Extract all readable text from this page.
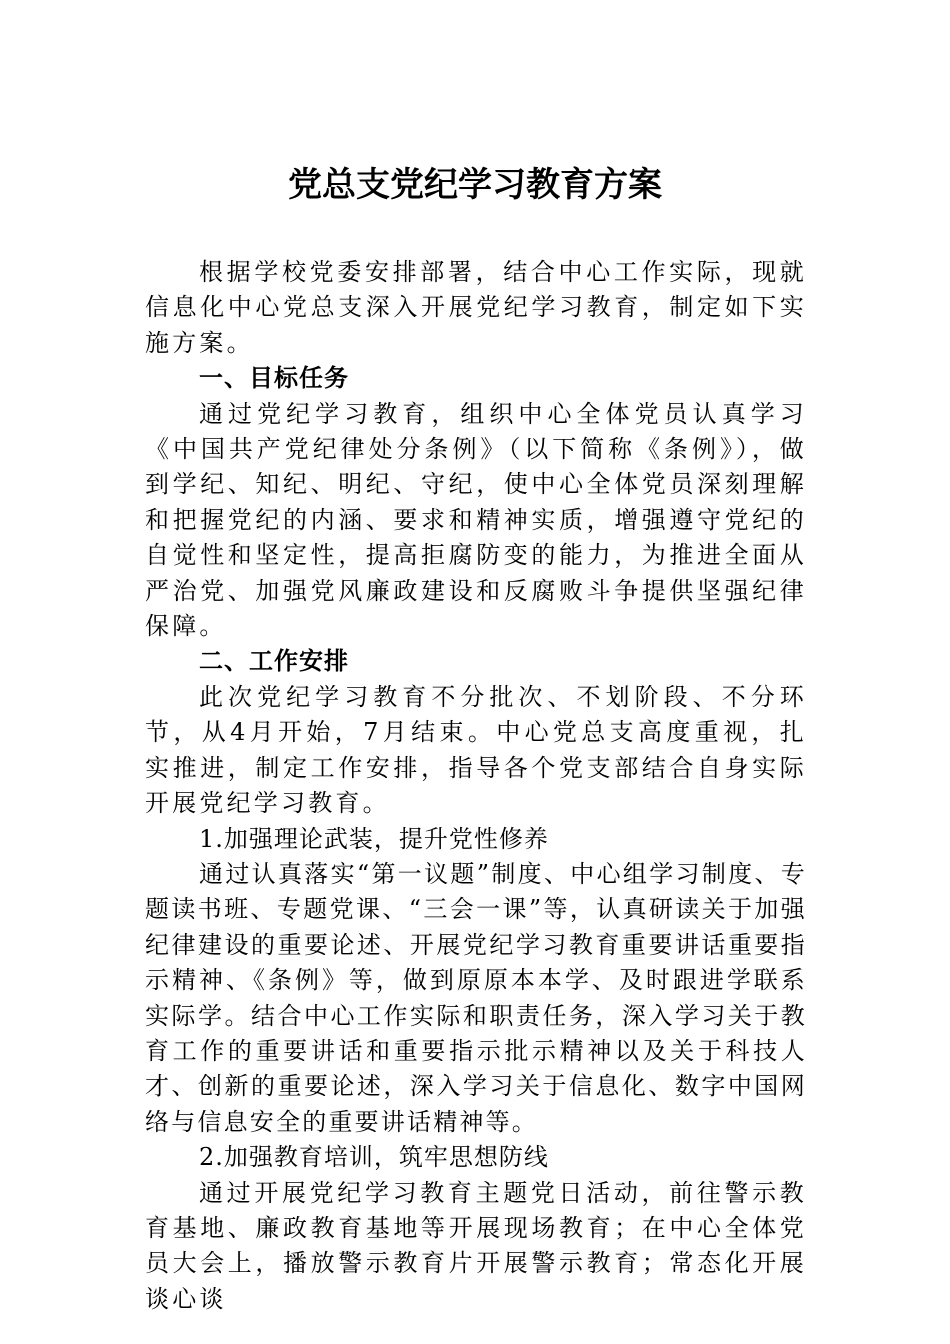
党总支党纪学习教育方案

根据学校党委安排部署，结合中心工作实际，现就信息化中心党总支深入开展党纪学习教育，制定如下实施方案。

一、目标任务

通过党纪学习教育，组织中心全体党员认真学习《中国共产党纪律处分条例》（以下简称《条例》），做到学纪、知纪、明纪、守纪，使中心全体党员深刻理解和把握党纪的内涵、要求和精神实质，增强遵守党纪的自觉性和坚定性，提高拒腐防变的能力，为推进全面从严治党、加强党风廉政建设和反腐败斗争提供坚强纪律保障。

二、工作安排

此次党纪学习教育不分批次、不划阶段、不分环节，从4月开始，7月结束。中心党总支高度重视，扎实推进，制定工作安排，指导各个党支部结合自身实际开展党纪学习教育。

1.加强理论武装，提升党性修养

通过认真落实“第一议题”制度、中心组学习制度、专题读书班、专题党课、“三会一课”等，认真研读关于加强纪律建设的重要论述、开展党纪学习教育重要讲话重要指示精神、《条例》等，做到原原本本学、及时跟进学联系实际学。结合中心工作实际和职责任务，深入学习关于教育工作的重要讲话和重要指示批示精神以及关于科技人才、创新的重要论述，深入学习关于信息化、数字中国网络与信息安全的重要讲话精神等。

2.加强教育培训，筑牢思想防线

通过开展党纪学习教育主题党日活动，前往警示教育基地、廉政教育基地等开展现场教育；在中心全体党员大会上，播放警示教育片开展警示教育；常态化开展谈心谈
